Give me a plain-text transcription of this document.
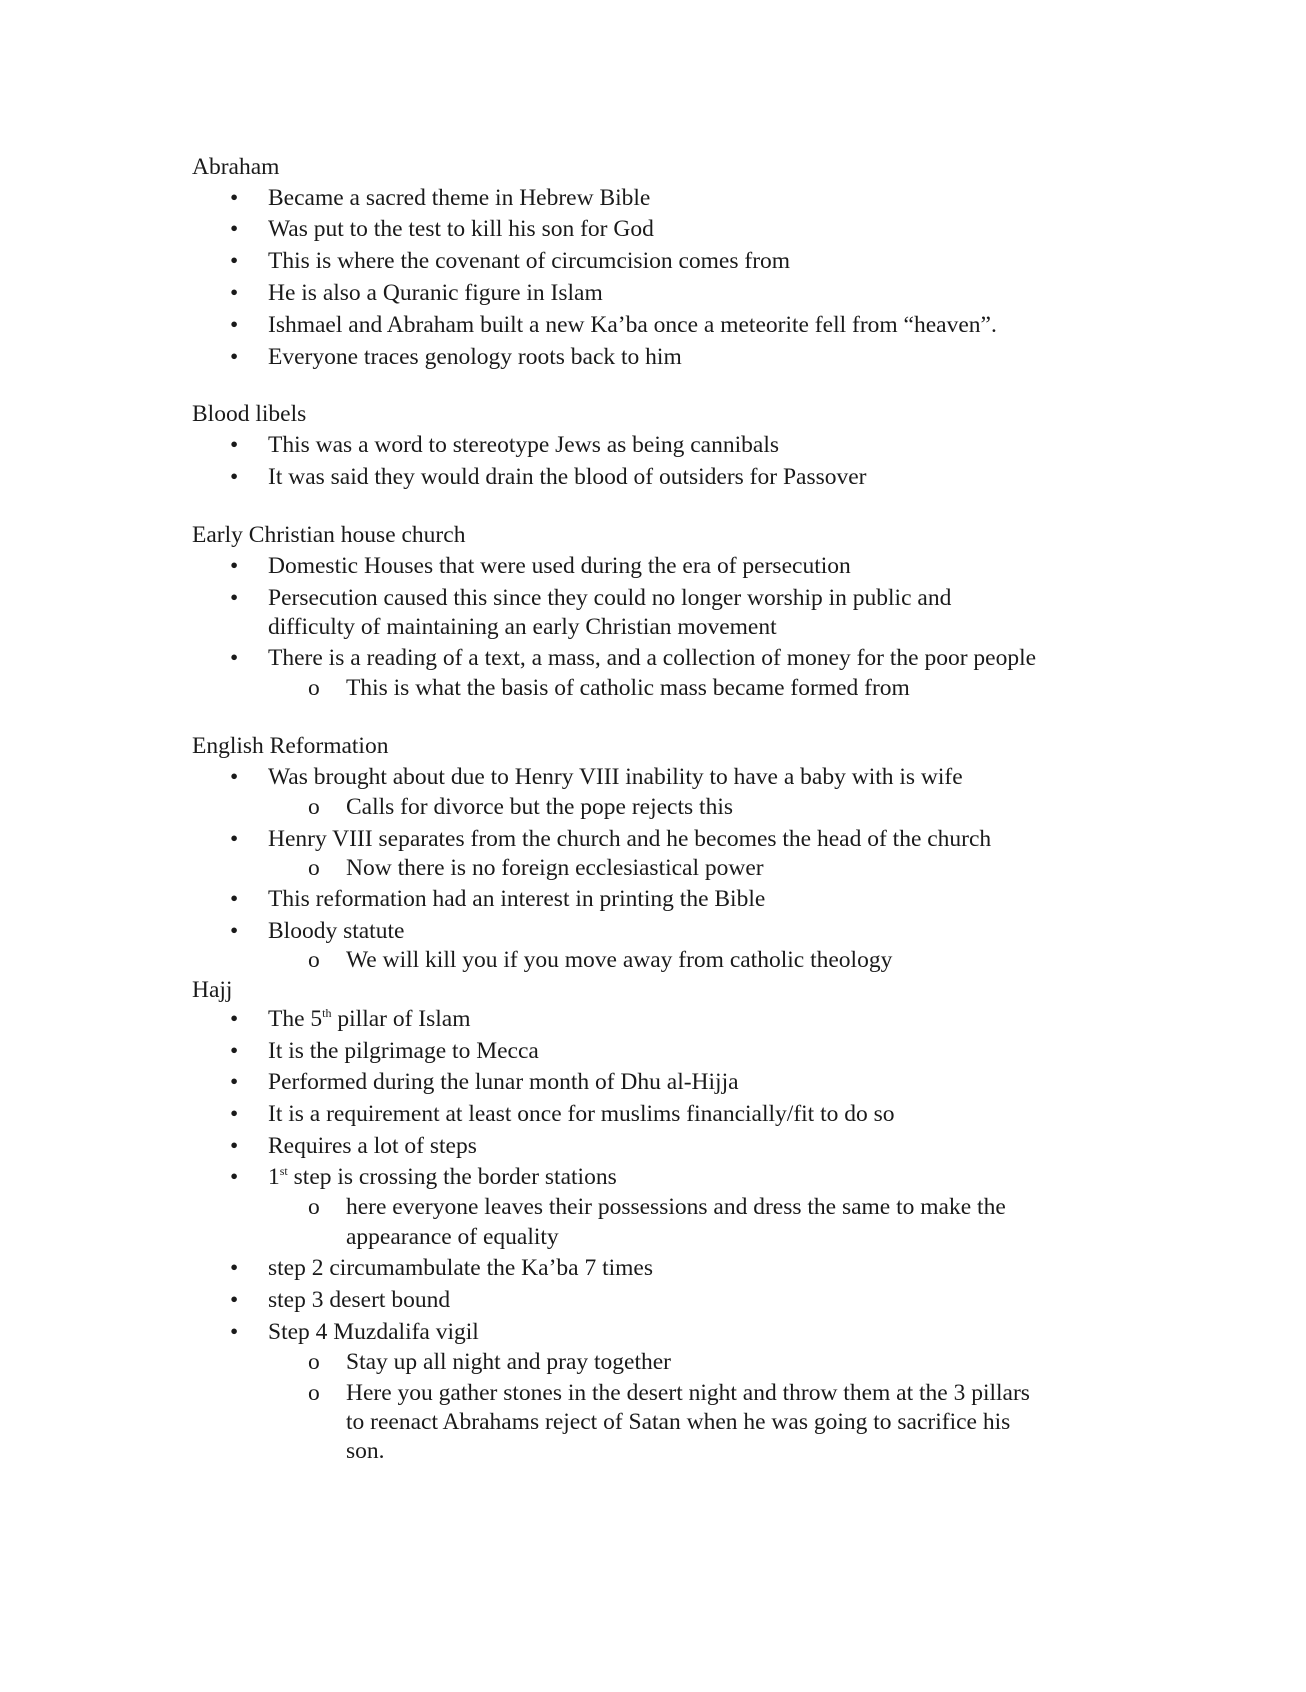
Abraham
•	Became a sacred theme in Hebrew Bible
•	Was put to the test to kill his son for God
•	This is where the covenant of circumcision comes from
•	He is also a Quranic figure in Islam
•	Ishmael and Abraham built a new Ka’ba once a meteorite fell from “heaven”.
•	Everyone traces genology roots back to him
Blood libels
•	This was a word to stereotype Jews as being cannibals
•	It was said they would drain the blood of outsiders for Passover
Early Christian house church
•	Domestic Houses that were used during the era of persecution
•	Persecution caused this since they could no longer worship in public and
difficulty of maintaining an early Christian movement
•	There is a reading of a text, a mass, and a collection of money for the poor people
o This is what the basis of catholic mass became formed from
English Reformation
•	Was brought about due to Henry VIII inability to have a baby with is wife
o Calls for divorce but the pope rejects this
•	Henry VIII separates from the church and he becomes the head of the church
o Now there is no foreign ecclesiastical power
•	This reformation had an interest in printing the Bible
•	Bloody statute
o We will kill you if you move away from catholic theology
Hajj
•	The 5th pillar of Islam
•	It is the pilgrimage to Mecca
•	Performed during the lunar month of Dhu al-Hijja
•	It is a requirement at least once for muslims financially/fit to do so
•	Requires a lot of steps
•	1st step is crossing the border stations
o here everyone leaves their possessions and dress the same to make the
appearance of equality
•	step 2 circumambulate the Ka’ba 7 times
•	step 3 desert bound
•	Step 4 Muzdalifa vigil
o Stay up all night and pray together
o Here you gather stones in the desert night and throw them at the 3 pillars
to reenact Abrahams reject of Satan when he was going to sacrifice his
son.
